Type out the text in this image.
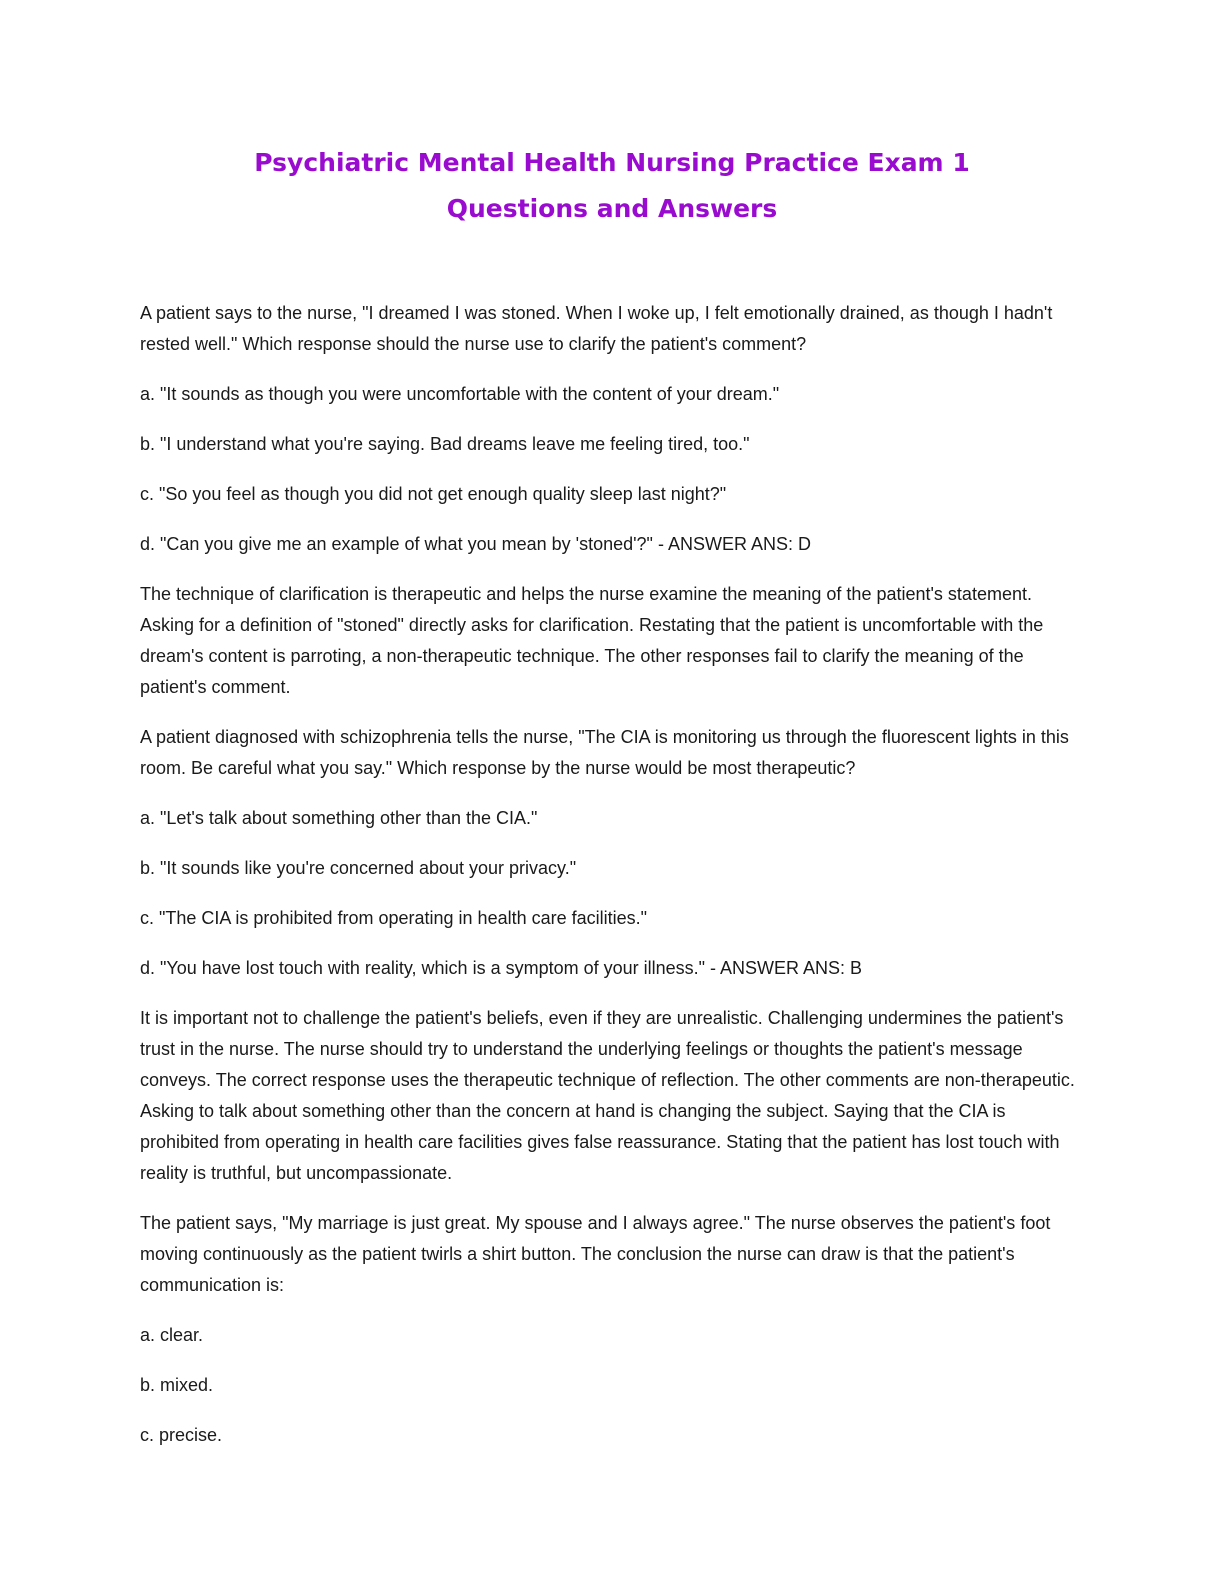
Psychiatric Mental Health Nursing Practice Exam 1
Questions and Answers

A patient says to the nurse, "I dreamed I was stoned. When I woke up, I felt emotionally drained, as though I hadn't rested well." Which response should the nurse use to clarify the patient's comment?

a. "It sounds as though you were uncomfortable with the content of your dream."

b. "I understand what you're saying. Bad dreams leave me feeling tired, too."

c. "So you feel as though you did not get enough quality sleep last night?"

d. "Can you give me an example of what you mean by 'stoned'?" - ANSWER ANS: D

The technique of clarification is therapeutic and helps the nurse examine the meaning of the patient's statement. Asking for a definition of "stoned" directly asks for clarification. Restating that the patient is uncomfortable with the dream's content is parroting, a non-therapeutic technique. The other responses fail to clarify the meaning of the patient's comment.

A patient diagnosed with schizophrenia tells the nurse, "The CIA is monitoring us through the fluorescent lights in this room. Be careful what you say." Which response by the nurse would be most therapeutic?

a. "Let's talk about something other than the CIA."

b. "It sounds like you're concerned about your privacy."

c. "The CIA is prohibited from operating in health care facilities."

d. "You have lost touch with reality, which is a symptom of your illness." - ANSWER ANS: B

It is important not to challenge the patient's beliefs, even if they are unrealistic. Challenging undermines the patient's trust in the nurse. The nurse should try to understand the underlying feelings or thoughts the patient's message conveys. The correct response uses the therapeutic technique of reflection. The other comments are non-therapeutic. Asking to talk about something other than the concern at hand is changing the subject. Saying that the CIA is prohibited from operating in health care facilities gives false reassurance. Stating that the patient has lost touch with reality is truthful, but uncompassionate.

The patient says, "My marriage is just great. My spouse and I always agree." The nurse observes the patient's foot moving continuously as the patient twirls a shirt button. The conclusion the nurse can draw is that the patient's communication is:

a. clear.

b. mixed.

c. precise.
